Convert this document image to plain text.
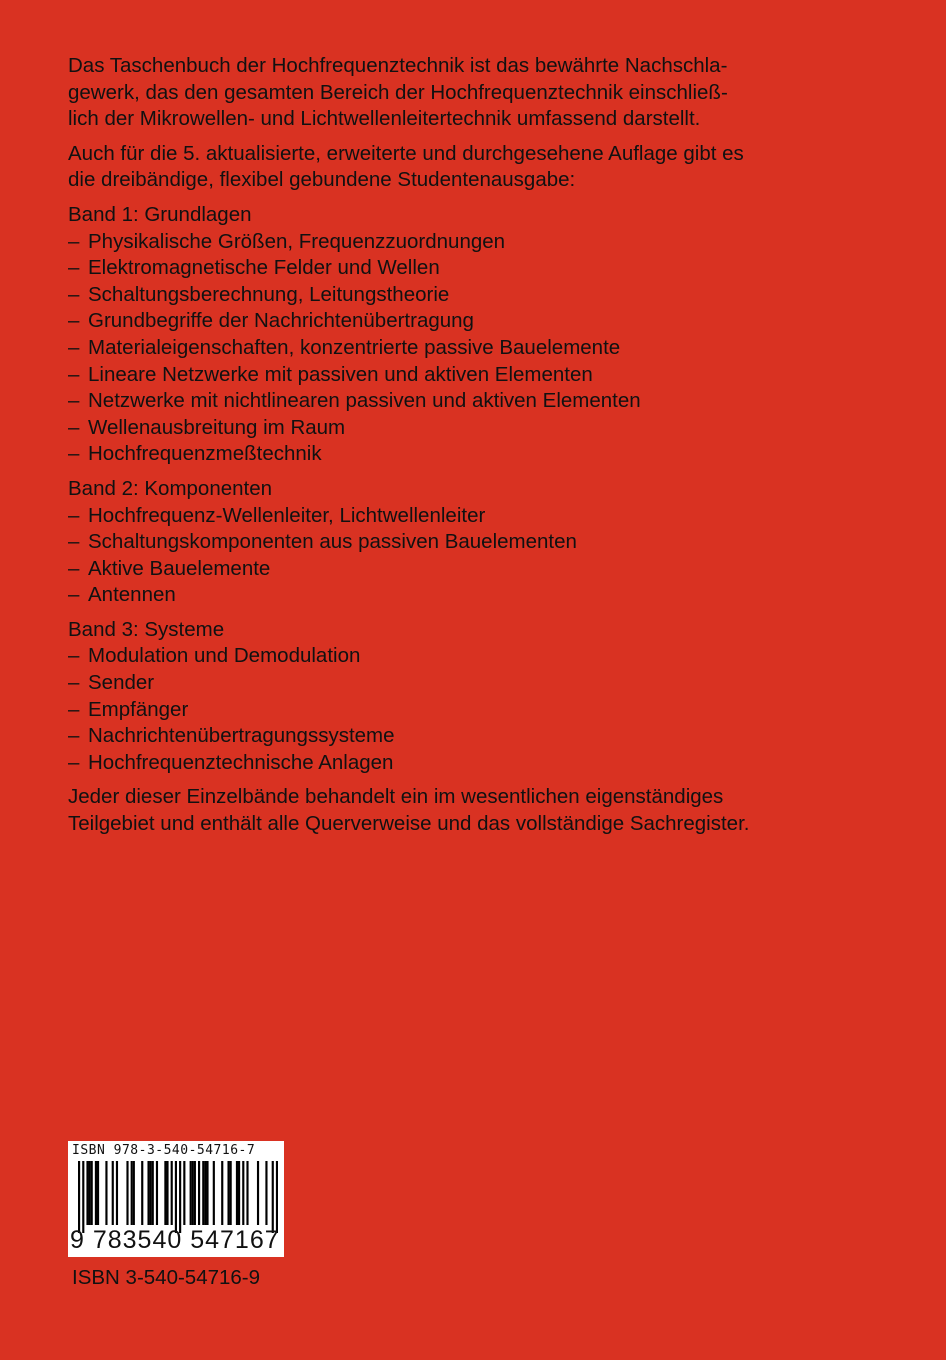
Das Taschenbuch der Hochfrequenztechnik ist das bewährte Nachschla-
gewerk, das den gesamten Bereich der Hochfrequenztechnik einschließ-
lich der Mikrowellen- und Lichtwellenleitertechnik umfassend darstellt.

Auch für die 5. aktualisierte, erweiterte und durchgesehene Auflage gibt es
die dreibändige, flexibel gebundene Studentenausgabe:

Band 1: Grundlagen
– Physikalische Größen, Frequenzzuordnungen
– Elektromagnetische Felder und Wellen
– Schaltungsberechnung, Leitungstheorie
– Grundbegriffe der Nachrichtenübertragung
– Materialeigenschaften, konzentrierte passive Bauelemente
– Lineare Netzwerke mit passiven und aktiven Elementen
– Netzwerke mit nichtlinearen passiven und aktiven Elementen
– Wellenausbreitung im Raum
– Hochfrequenzmeßtechnik
Band 2: Komponenten
– Hochfrequenz-Wellenleiter, Lichtwellenleiter
– Schaltungskomponenten aus passiven Bauelementen
– Aktive Bauelemente
– Antennen
Band 3: Systeme
– Modulation und Demodulation
– Sender
– Empfänger
– Nachrichtenübertragungssysteme
– Hochfrequenztechnische Anlagen

Jeder dieser Einzelbände behandelt ein im wesentlichen eigenständiges
Teilgebiet und enthält alle Querverweise und das vollständige Sachregister.

ISBN 978-3-540-54716-7
9 783540 547167
ISBN 3-540-54716-9
